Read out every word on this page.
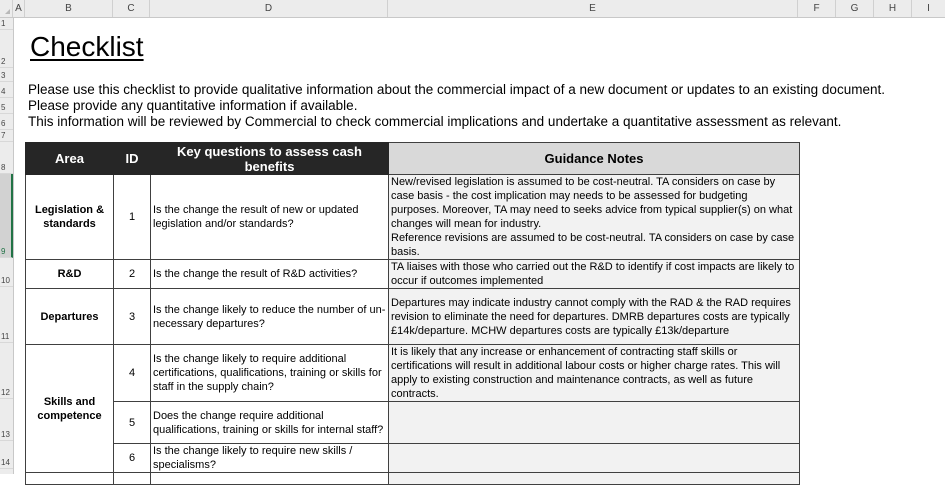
A	B	C	D	E	F	G	H	I
1
2
3
4
5
6
7
8
9
10
11
12
13
14
Checklist
Please use this checklist to provide qualitative information about the commercial impact of a new document or updates to an existing document.
Please provide any quantitative information if available.
This information will be reviewed by Commercial to check commercial implications and undertake a quantitative assessment as relevant.
Area	ID	Key questions to assess cash benefits	Guidance Notes
Legislation & standards	1	Is the change the result of new or updated legislation and/or standards?	New/revised legislation is assumed to be cost-neutral. TA considers on case by case basis - the cost implication may needs to be assessed for budgeting purposes. Moreover, TA may need to seeks advice from typical supplier(s) on what changes will mean for industry.
Reference revisions are assumed to be cost-neutral. TA considers on case by case basis.

R&D	2	Is the change the result of R&D activities?	TA liaises with those who carried out the R&D to identify if cost impacts are likely to occur if outcomes implemented
Departures	3	Is the change likely to reduce the number of un-necessary departures?	Departures may indicate industry cannot comply with the RAD & the RAD requires revision to eliminate the need for departures. DMRB departures costs are typically £14k/departure. MCHW departures costs are typically £13k/departure
Skills and competence	4	Is the change likely to require additional certifications, qualifications, training or skills for staff in the supply chain?	It is likely that any increase or enhancement of contracting staff skills or certifications will result in additional labour costs or higher charge rates. This will apply to existing construction and maintenance contracts, as well as future contracts.
	5	Does the change require additional qualifications, training or skills for internal staff?	
	6	Is the change likely to require new skills / specialisms?	
